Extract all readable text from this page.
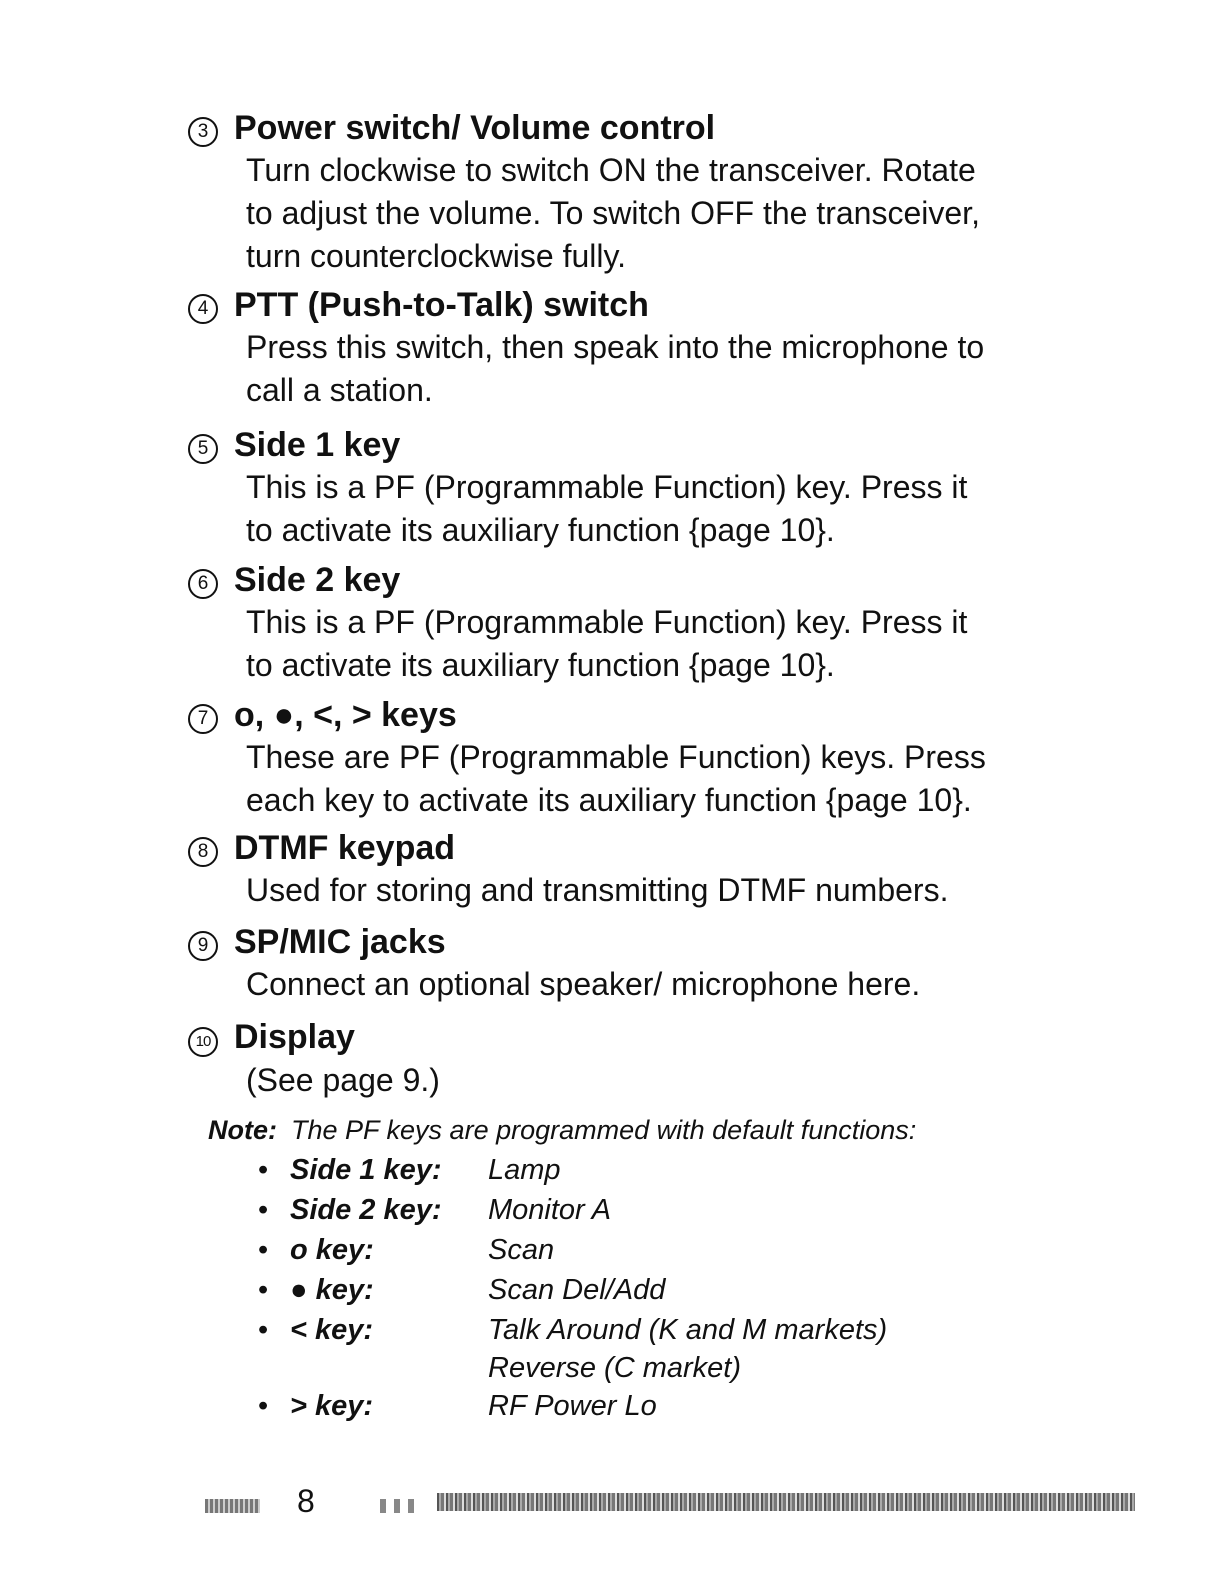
3 Power switch/ Volume control
Turn clockwise to switch ON the transceiver. Rotate
to adjust the volume. To switch OFF the transceiver,
turn counterclockwise fully.
4 PTT (Push-to-Talk) switch
Press this switch, then speak into the microphone to
call a station.
5 Side 1 key
This is a PF (Programmable Function) key. Press it
to activate its auxiliary function {page 10}.
6 Side 2 key
This is a PF (Programmable Function) key. Press it
to activate its auxiliary function {page 10}.
7 o, ●, <, > keys
These are PF (Programmable Function) keys. Press
each key to activate its auxiliary function {page 10}.
8 DTMF keypad
Used for storing and transmitting DTMF numbers.
9 SP/MIC jacks
Connect an optional speaker/ microphone here.
10 Display
(See page 9.)
Note: The PF keys are programmed with default functions:
• Side 1 key:	Lamp
• Side 2 key:	Monitor A
• o key:	Scan
• ● key:	Scan Del/Add
• < key:	Talk Around (K and M markets)
Reverse (C market)
• > key:	RF Power Lo
8
